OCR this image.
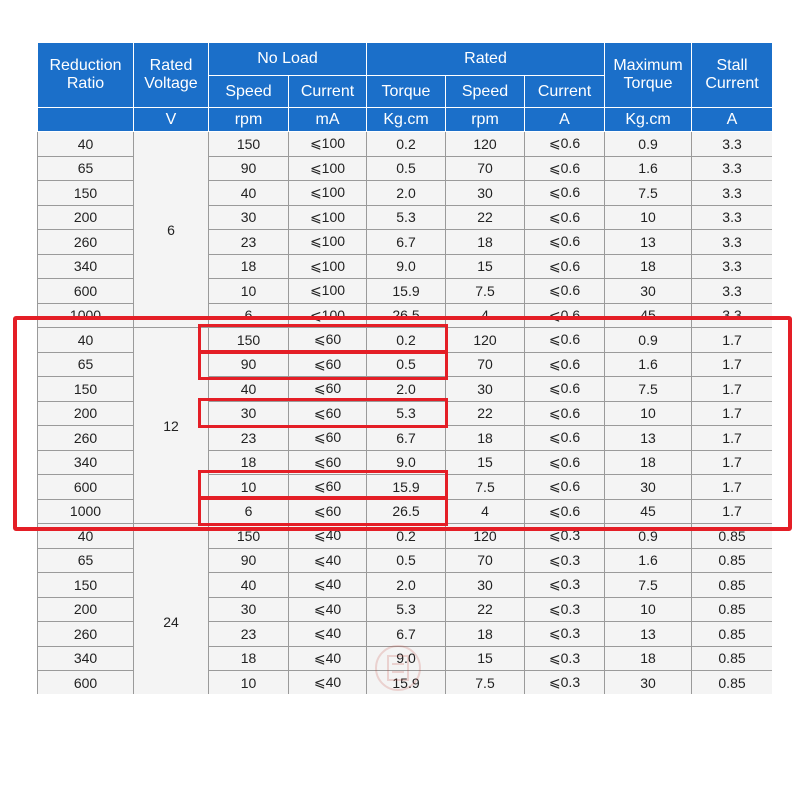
Reduction Ratio	Rated Voltage	No Load		Rated			Maximum Torque	Stall Current
		Speed	Current	Torque	Speed	Current		
	V	rpm	mA	Kg.cm	rpm	A	Kg.cm	A
40	6	150	⩽100	0.2	120	⩽0.6	0.9	3.3
65		90	⩽100	0.5	70	⩽0.6	1.6	3.3
150		40	⩽100	2.0	30	⩽0.6	7.5	3.3
200		30	⩽100	5.3	22	⩽0.6	10	3.3
260		23	⩽100	6.7	18	⩽0.6	13	3.3
340		18	⩽100	9.0	15	⩽0.6	18	3.3
600		10	⩽100	15.9	7.5	⩽0.6	30	3.3
1000		6	⩽100	26.5	4	⩽0.6	45	3.3
40	12	150	⩽60	0.2	120	⩽0.6	0.9	1.7
65		90	⩽60	0.5	70	⩽0.6	1.6	1.7
150		40	⩽60	2.0	30	⩽0.6	7.5	1.7
200		30	⩽60	5.3	22	⩽0.6	10	1.7
260		23	⩽60	6.7	18	⩽0.6	13	1.7
340		18	⩽60	9.0	15	⩽0.6	18	1.7
600		10	⩽60	15.9	7.5	⩽0.6	30	1.7
1000		6	⩽60	26.5	4	⩽0.6	45	1.7
40	24	150	⩽40	0.2	120	⩽0.3	0.9	0.85
65		90	⩽40	0.5	70	⩽0.3	1.6	0.85
150		40	⩽40	2.0	30	⩽0.3	7.5	0.85
200		30	⩽40	5.3	22	⩽0.3	10	0.85
260		23	⩽40	6.7	18	⩽0.3	13	0.85
340		18	⩽40	9.0	15	⩽0.3	18	0.85
600		10	⩽40	15.9	7.5	⩽0.3	30	0.85
